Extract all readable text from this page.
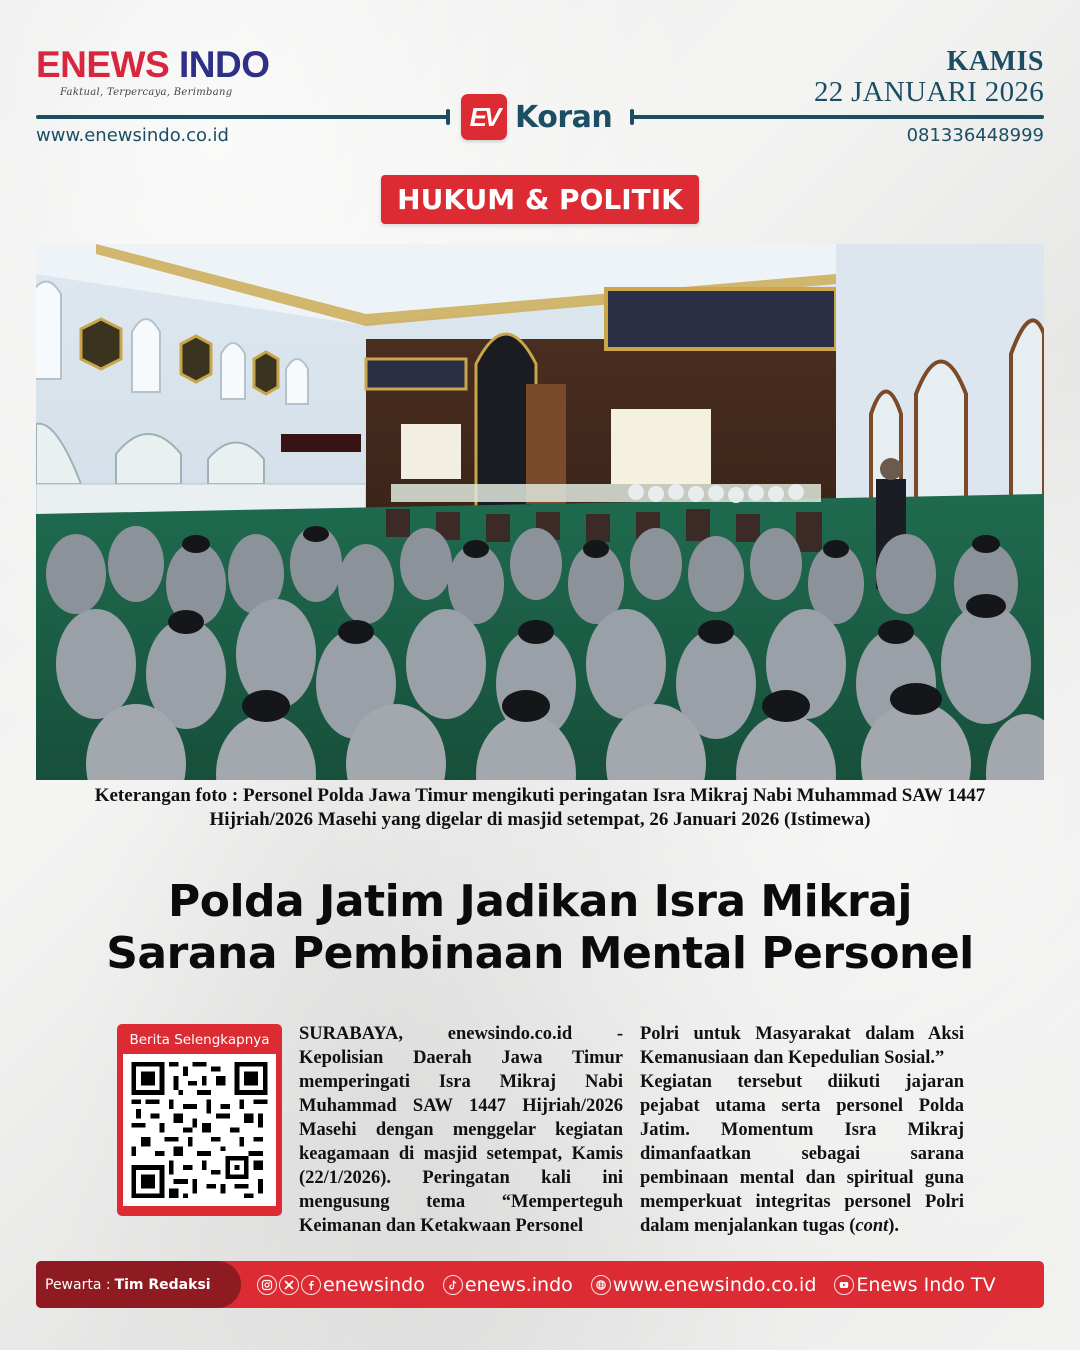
ENEWS INDO
Faktual, Terpercaya, Berimbang
EV Koran
www.enewsindo.co.id	081336448999
KAMIS
22 JANUARI 2026
HUKUM & POLITIK
Keterangan foto : Personel Polda Jawa Timur mengikuti peringatan Isra Mikraj Nabi Muhammad SAW 1447
Hijriah/2026 Masehi yang digelar di masjid setempat, 26 Januari 2026 (Istimewa)
Polda Jatim Jadikan Isra Mikraj
Sarana Pembinaan Mental Personel
Berita Selengkapnya	SURABAYA, enewsindo.co.id -
Kepolisian Daerah Jawa Timur
memperingati Isra Mikraj Nabi
Muhammad SAW 1447 Hijriah/2026
Masehi dengan menggelar kegiatan
keagamaan di masjid setempat, Kamis
(22/1/2026). Peringatan kali ini
mengusung tema “Memperteguh
Keimanan dan Ketakwaan Personel
Polri untuk Masyarakat dalam Aksi
Kemanusiaan dan Kepedulian Sosial.”
Kegiatan tersebut diikuti jajaran
pejabat utama serta personel Polda
Jatim. Momentum Isra Mikraj
dimanfaatkan sebagai sarana
pembinaan mental dan spiritual guna
memperkuat integritas personel Polri
dalam menjalankan tugas (cont).
Pewarta : Tim Redaksi	enewsindo enews.indo www.enewsindo.co.id Enews Indo TV
